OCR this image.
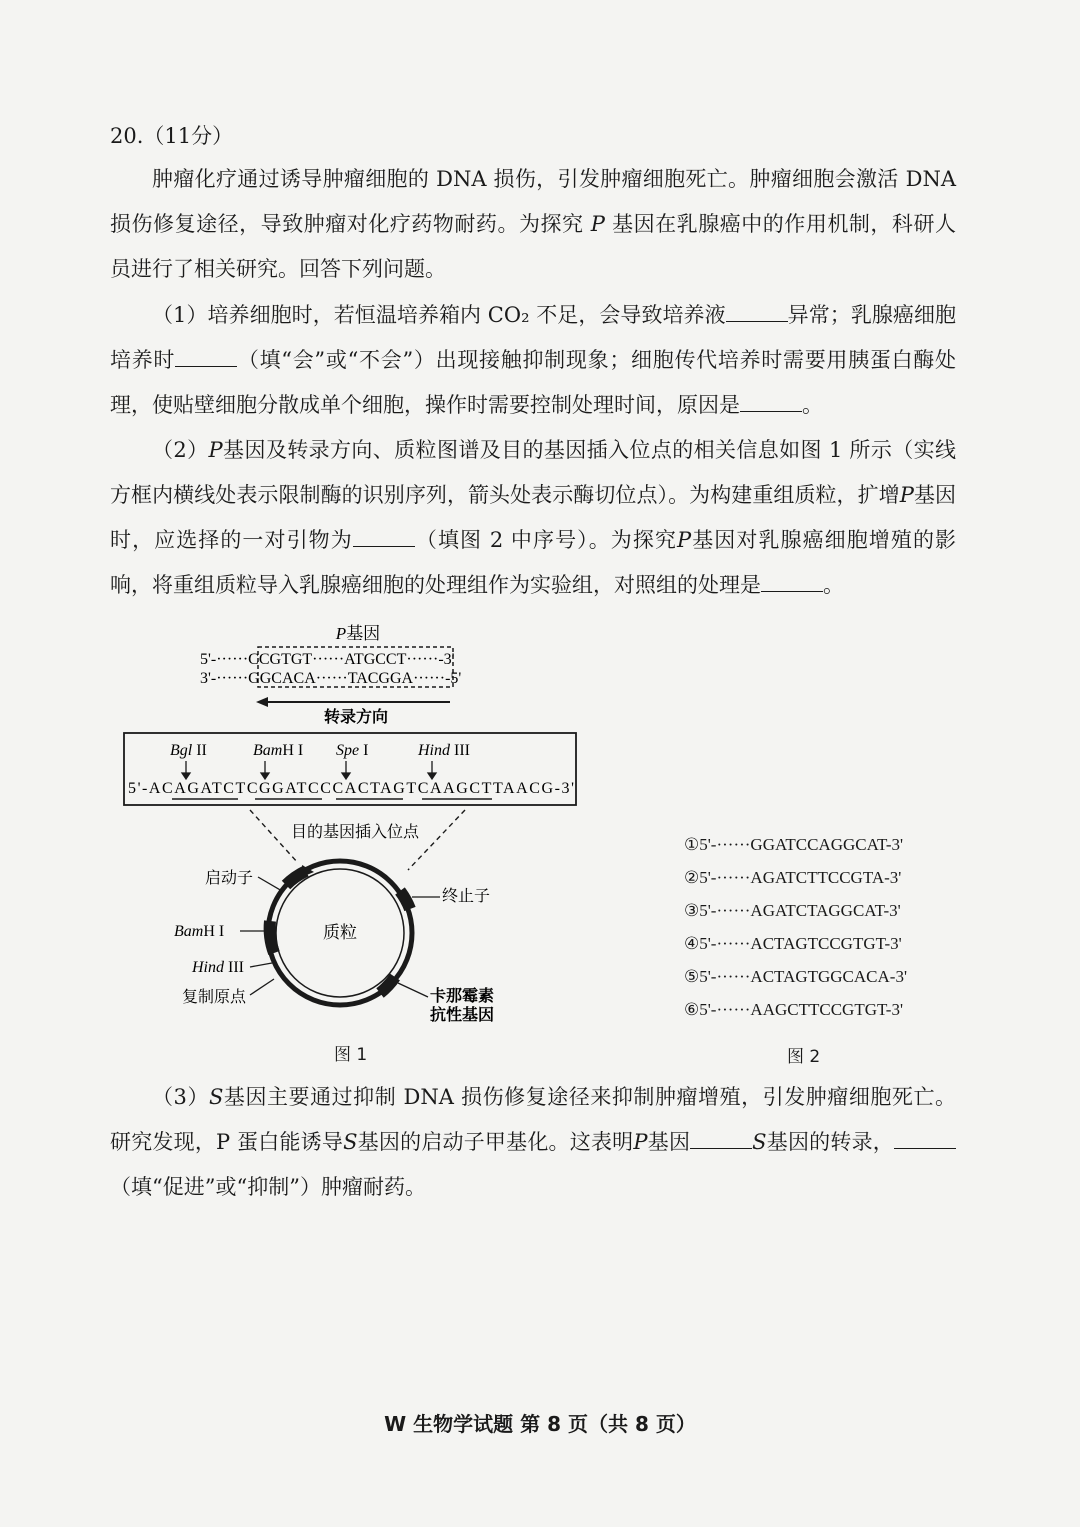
20.（11分）
肿瘤化疗通过诱导肿瘤细胞的 DNA 损伤，引发肿瘤细胞死亡。肿瘤细胞会激活 DNA 损伤修复途径，导致肿瘤对化疗药物耐药。为探究 P 基因在乳腺癌中的作用机制，科研人员进行了相关研究。回答下列问题。
（1）培养细胞时，若恒温培养箱内 CO₂ 不足，会导致培养液	异常；乳腺癌细胞培养时	（填“会”或“不会”）出现接触抑制现象；细胞传代培养时需要用胰蛋白酶处理，使贴壁细胞分散成单个细胞，操作时需要控制处理时间，原因是	。
（2）P基因及转录方向、质粒图谱及目的基因插入位点的相关信息如图 1 所示（实线方框内横线处表示限制酶的识别序列，箭头处表示酶切位点）。为构建重组质粒，扩增P基因时，应选择的一对引物为	（填图 2 中序号）。为探究P基因对乳腺癌细胞增殖的影响，将重组质粒导入乳腺癌细胞的处理组作为实验组，对照组的处理是	。
P基因
5'-······CCGTGT······ATGCCT······-3'
3'-······GGCACA······TACGGA······-5'
转录方向
Bgl II	BamH I Spe I	Hind III
5'-ACAGATCTCGGATCCCACTAGTCAAGCTTAACG-3'
目的基因插入位点
质粒
启动子
终止子
BamH I
Hind III
复制原点	卡那霉素
抗性基因
图 1
①5'-······GGATCCAGGCAT-3'
②5'-······AGATCTTCCGTA-3'
③5'-······AGATCTAGGCAT-3'
④5'-······ACTAGTCCGTGT-3'
⑤5'-······ACTAGTGGCACA-3'
⑥5'-······AAGCTTCCGTGT-3'
图 2
（3）S基因主要通过抑制 DNA 损伤修复途径来抑制肿瘤增殖，引发肿瘤细胞死亡。研究发现，P 蛋白能诱导S基因的启动子甲基化。这表明P基因	S基因的转录，（填“促进”或“抑制”）肿瘤耐药。
W 生物学试题 第 8 页（共 8 页）
